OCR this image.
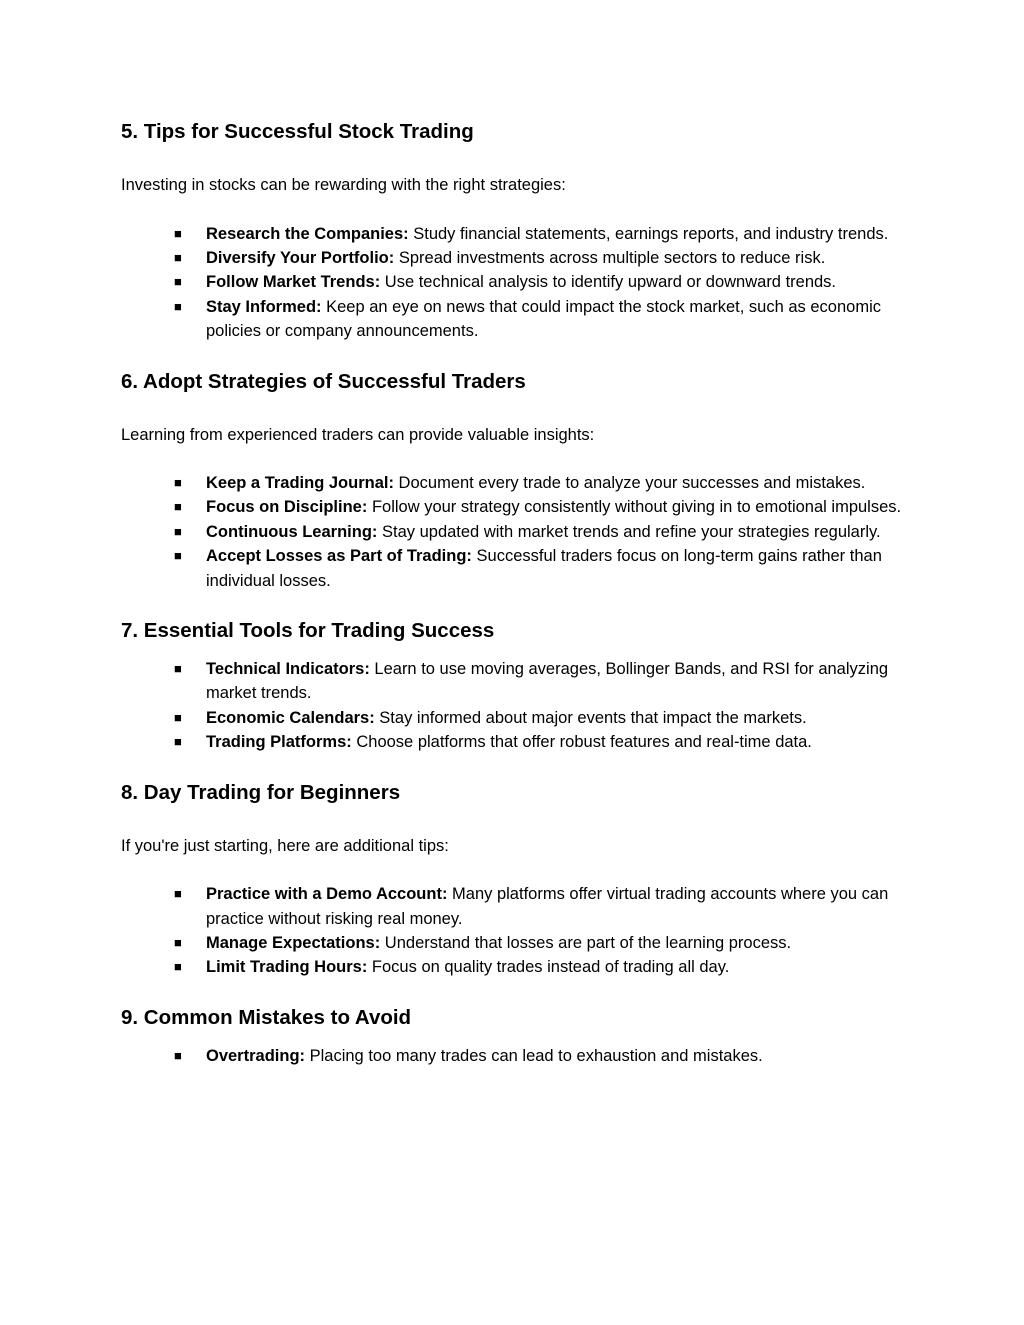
5. Tips for Successful Stock Trading

Investing in stocks can be rewarding with the right strategies:

■ Research the Companies: Study financial statements, earnings reports, and industry trends.
■ Diversify Your Portfolio: Spread investments across multiple sectors to reduce risk.
■ Follow Market Trends: Use technical analysis to identify upward or downward trends.
■ Stay Informed: Keep an eye on news that could impact the stock market, such as economic policies or company announcements.
6. Adopt Strategies of Successful Traders

Learning from experienced traders can provide valuable insights:

■ Keep a Trading Journal: Document every trade to analyze your successes and mistakes.
■ Focus on Discipline: Follow your strategy consistently without giving in to emotional impulses.
■ Continuous Learning: Stay updated with market trends and refine your strategies regularly.
■ Accept Losses as Part of Trading: Successful traders focus on long-term gains rather than individual losses.
7. Essential Tools for Trading Success
■ Technical Indicators: Learn to use moving averages, Bollinger Bands, and RSI for analyzing market trends.
■ Economic Calendars: Stay informed about major events that impact the markets.
■ Trading Platforms: Choose platforms that offer robust features and real-time data.
8. Day Trading for Beginners

If you're just starting, here are additional tips:

■ Practice with a Demo Account: Many platforms offer virtual trading accounts where you can practice without risking real money.
■ Manage Expectations: Understand that losses are part of the learning process.
■ Limit Trading Hours: Focus on quality trades instead of trading all day.
9. Common Mistakes to Avoid
■ Overtrading: Placing too many trades can lead to exhaustion and mistakes.
